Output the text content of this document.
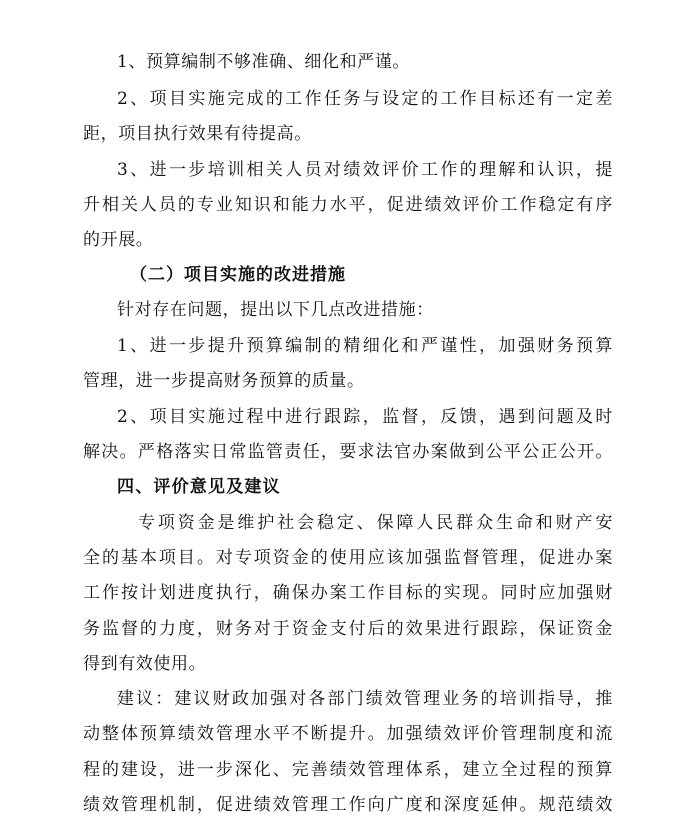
1、预算编制不够准确、细化和严谨。
2、项目实施完成的工作任务与设定的工作目标还有一定差
距，项目执行效果有待提高。
3、进一步培训相关人员对绩效评价工作的理解和认识，提
升相关人员的专业知识和能力水平，促进绩效评价工作稳定有序
的开展。
（二）项目实施的改进措施
针对存在问题，提出以下几点改进措施：
1、进一步提升预算编制的精细化和严谨性，加强财务预算
管理，进一步提高财务预算的质量。
2、项目实施过程中进行跟踪，监督，反馈，遇到问题及时
解决。严格落实日常监管责任，要求法官办案做到公平公正公开。
四、评价意见及建议
专项资金是维护社会稳定、保障人民群众生命和财产安
全的基本项目。对专项资金的使用应该加强监督管理，促进办案
工作按计划进度执行，确保办案工作目标的实现。同时应加强财
务监督的力度，财务对于资金支付后的效果进行跟踪，保证资金
得到有效使用。
建议：建议财政加强对各部门绩效管理业务的培训指导，推
动整体预算绩效管理水平不断提升。加强绩效评价管理制度和流
程的建设，进一步深化、完善绩效管理体系，建立全过程的预算
绩效管理机制，促进绩效管理工作向广度和深度延伸。规范绩效
